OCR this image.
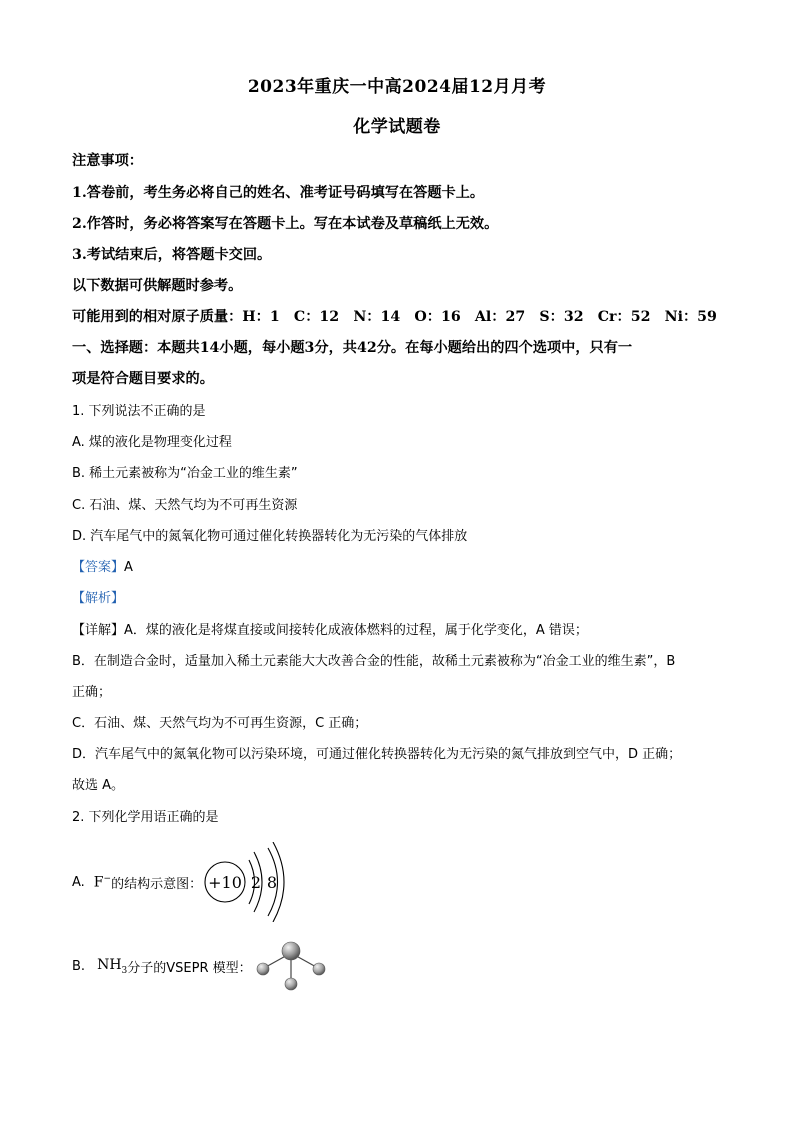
2023年重庆一中高2024届12月月考
化学试题卷
注意事项：
1.答卷前，考生务必将自己的姓名、准考证号码填写在答题卡上。
2.作答时，务必将答案写在答题卡上。写在本试卷及草稿纸上无效。
3.考试结束后，将答题卡交回。
以下数据可供解题时参考。
可能用到的相对原子质量：H：1　C：12　N：14　O：16　Al：27　S：32　Cr：52　Ni：59
一、选择题：本题共14小题，每小题3分，共42分。在每小题给出的四个选项中，只有一
项是符合题目要求的。
1. 下列说法不正确的是
A. 煤的液化是物理变化过程
B. 稀土元素被称为“冶金工业的维生素”
C. 石油、煤、天然气均为不可再生资源
D. 汽车尾气中的氮氧化物可通过催化转换器转化为无污染的气体排放
【答案】A
【解析】
【详解】A．煤的液化是将煤直接或间接转化成液体燃料的过程，属于化学变化，A 错误；
B．在制造合金时，适量加入稀土元素能大大改善合金的性能，故稀土元素被称为“冶金工业的维生素”，B
正确；
C．石油、煤、天然气均为不可再生资源，C 正确；
D．汽车尾气中的氮氧化物可以污染环境，可通过催化转换器转化为无污染的氮气排放到空气中，D 正确；
故选 A。
2. 下列化学用语正确的是
A. F− 的结构示意图： +10 2 8
B. $NH_3$ 分子的VSEPR 模型：
